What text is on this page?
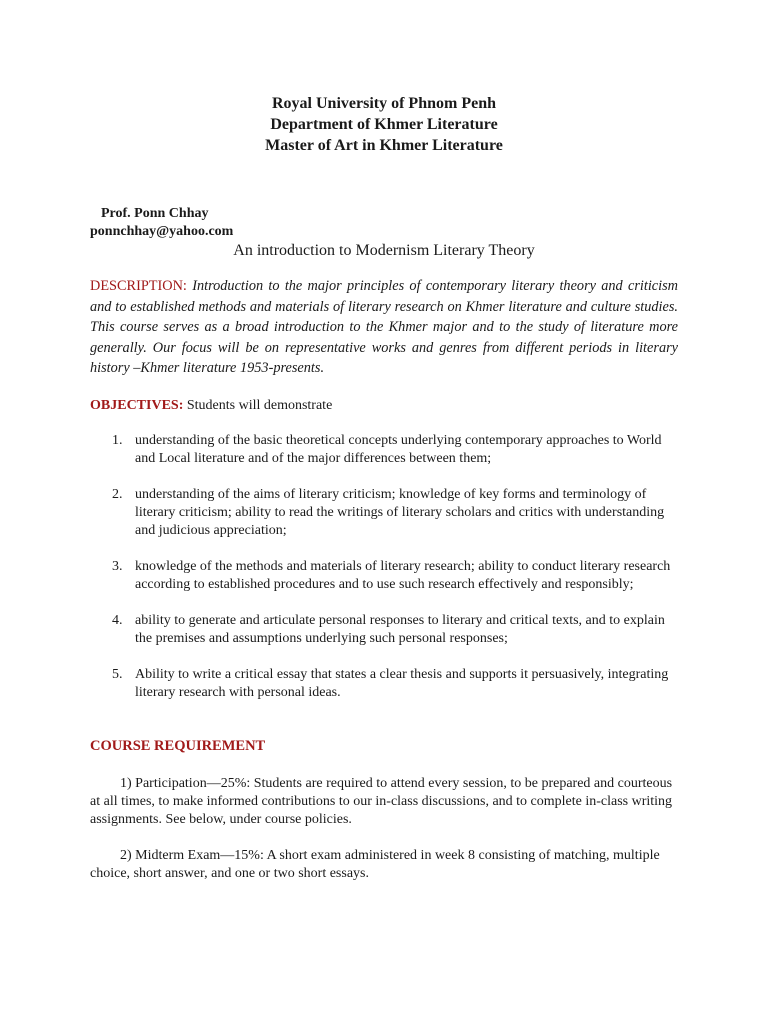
Royal University of Phnom Penh
Department of Khmer Literature
Master of Art in Khmer Literature
Prof. Ponn Chhay
ponnchhay@yahoo.com
An introduction to Modernism Literary Theory
DESCRIPTION: Introduction to the major principles of contemporary literary theory and criticism and to established methods and materials of literary research on Khmer literature and culture studies. This course serves as a broad introduction to the Khmer major and to the study of literature more generally. Our focus will be on representative works and genres from different periods in literary history –Khmer literature 1953-presents.
OBJECTIVES: Students will demonstrate
1. understanding of the basic theoretical concepts underlying contemporary approaches to World and Local literature and of the major differences between them;
2. understanding of the aims of literary criticism; knowledge of key forms and terminology of literary criticism; ability to read the writings of literary scholars and critics with understanding and judicious appreciation;
3. knowledge of the methods and materials of literary research; ability to conduct literary research according to established procedures and to use such research effectively and responsibly;
4. ability to generate and articulate personal responses to literary and critical texts, and to explain the premises and assumptions underlying such personal responses;
5. Ability to write a critical essay that states a clear thesis and supports it persuasively, integrating literary research with personal ideas.
COURSE REQUIREMENT
1) Participation—25%: Students are required to attend every session, to be prepared and courteous at all times, to make informed contributions to our in-class discussions, and to complete in-class writing assignments. See below, under course policies.
2) Midterm Exam—15%: A short exam administered in week 8 consisting of matching, multiple choice, short answer, and one or two short essays.
